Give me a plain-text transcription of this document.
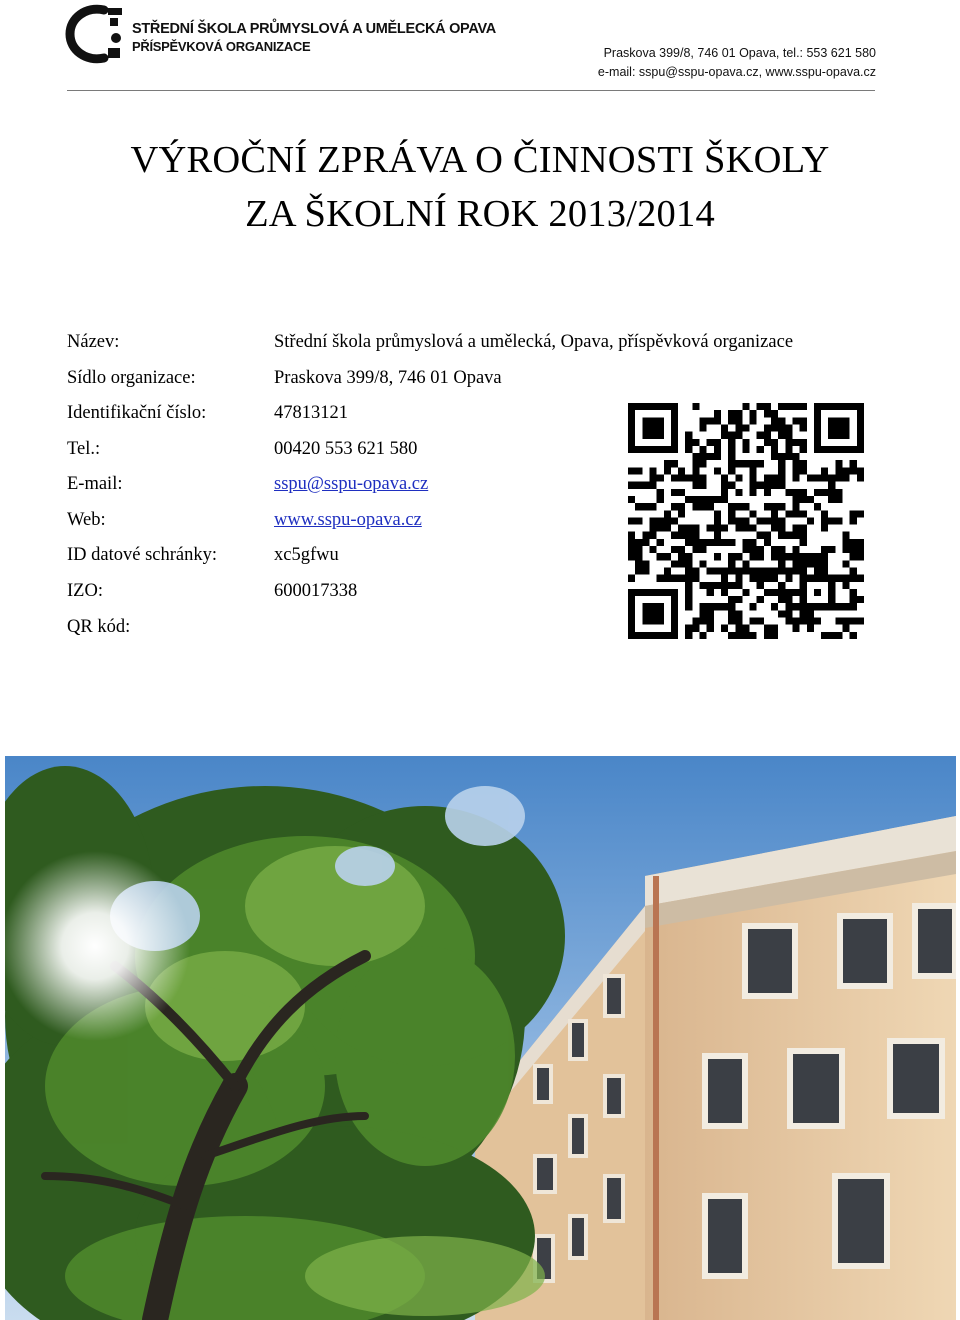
STŘEDNÍ ŠKOLA PRŮMYSLOVÁ A UMĚLECKÁ OPAVA
PŘÍSPĚVKOVÁ ORGANIZACE	Praskova 399/8, 746 01 Opava, tel.: 553 621 580
e-mail: sspu@sspu-opava.cz, www.sspu-opava.cz
VÝROČNÍ ZPRÁVA O ČINNOSTI ŠKOLY
ZA ŠKOLNÍ ROK 2013/2014
Název:	Střední škola průmyslová a umělecká, Opava, příspěvková organizace
Sídlo organizace:	Praskova 399/8, 746 01 Opava
Identifikační číslo:	47813121
Tel.:	00420 553 621 580
E-mail:	sspu@sspu-opava.cz
Web:	www.sspu-opava.cz
ID datové schránky:	xc5gfwu
IZO:	600017338
QR kód:
